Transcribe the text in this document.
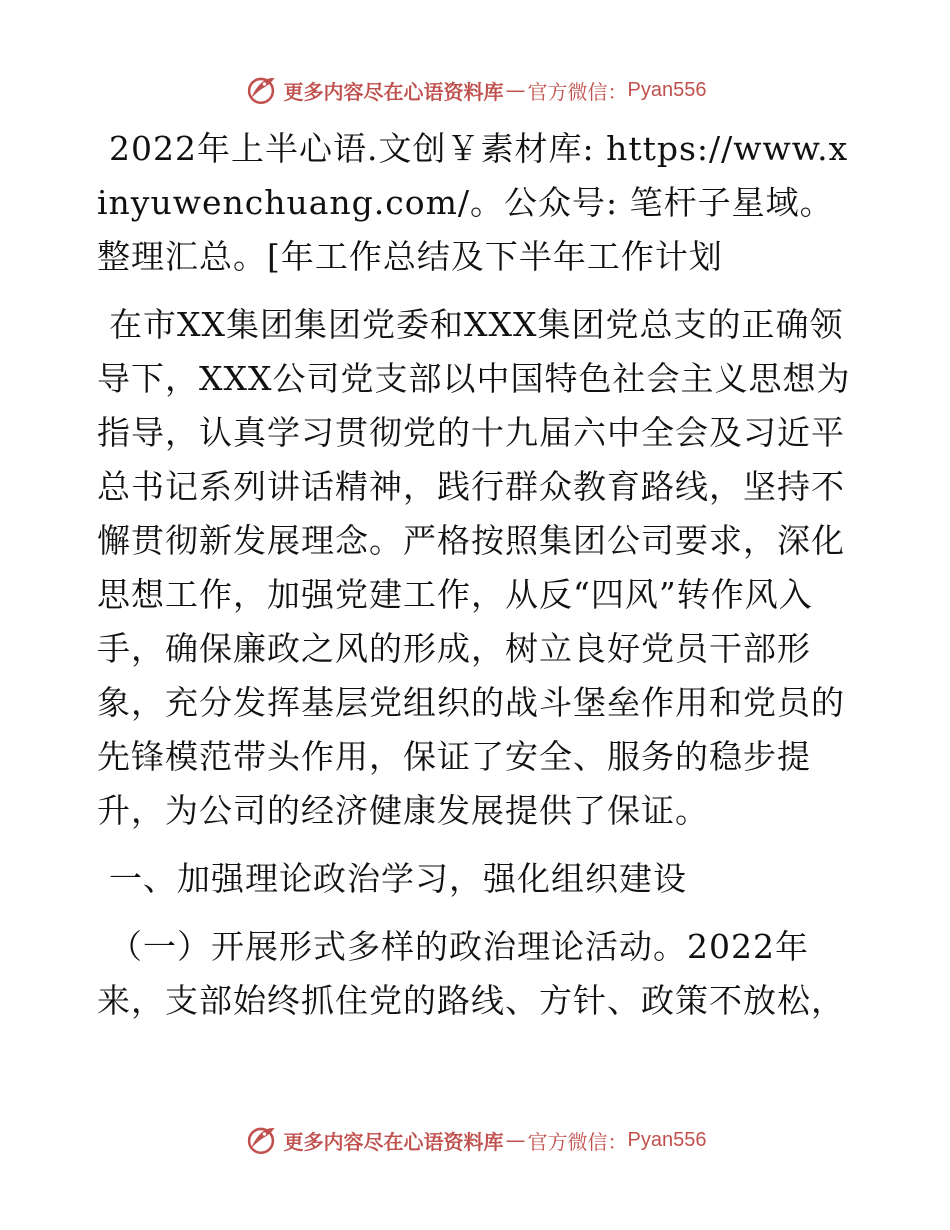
更多内容尽在心语资料库 — 官方微信： Pyan556

2022年上半心语.文创￥素材库: https://www.xinyuwenchuang.com/。公众号: 笔杆子星域。整理汇总。[年工作总结及下半年工作计划

在市XX集团集团党委和XXX集团党总支的正确领导下，XXX公司党支部以中国特色社会主义思想为指导，认真学习贯彻党的十九届六中全会及习近平总书记系列讲话精神，践行群众教育路线，坚持不懈贯彻新发展理念。严格按照集团公司要求，深化思想工作，加强党建工作，从反“四风”转作风入手，确保廉政之风的形成，树立良好党员干部形象，充分发挥基层党组织的战斗堡垒作用和党员的先锋模范带头作用，保证了安全、服务的稳步提升，为公司的经济健康发展提供了保证。

一、加强理论政治学习，强化组织建设

（一）开展形式多样的政治理论活动。2022年来，支部始终抓住党的路线、方针、政策不放松，

更多内容尽在心语资料库 — 官方微信： Pyan556
